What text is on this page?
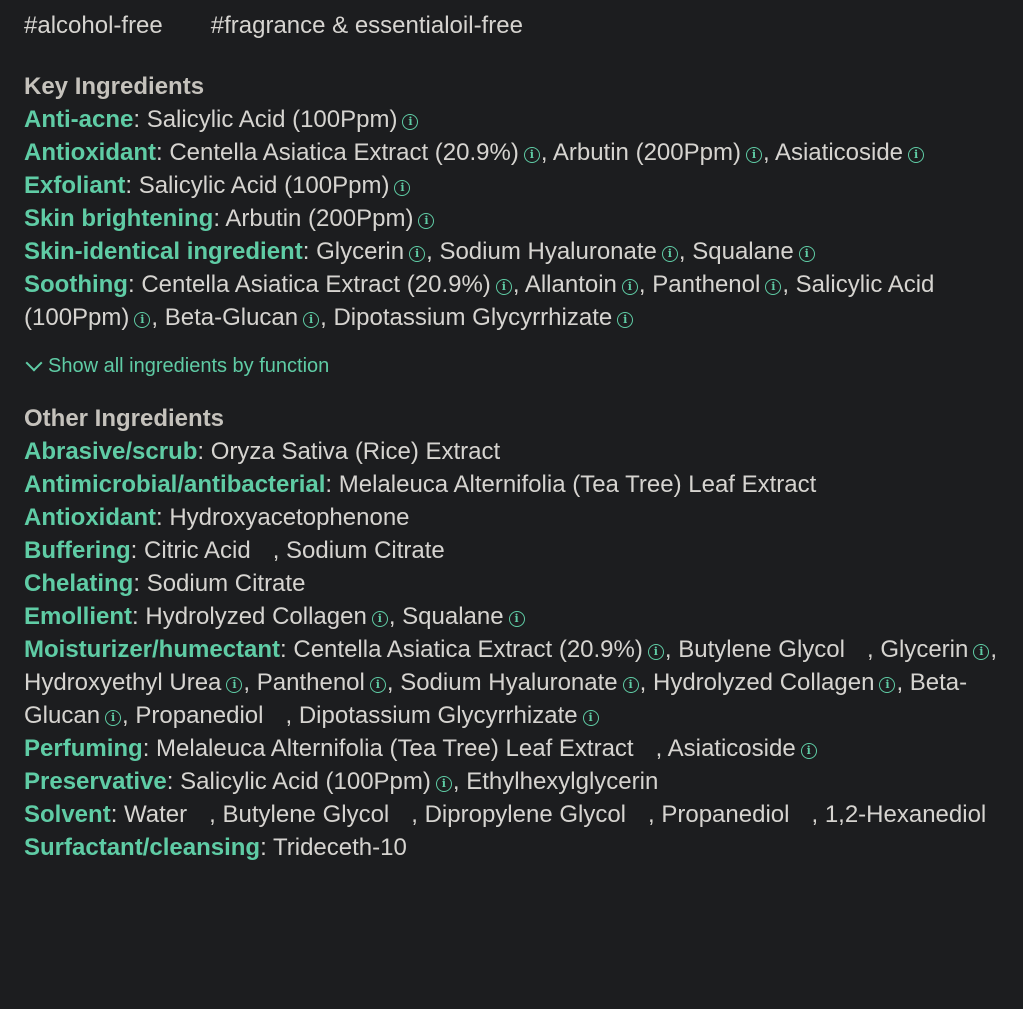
#alcohol-free #fragrance & essentialoil-free
Key Ingredients
Anti-acne: Salicylic Acid (100Ppm) i
Antioxidant: Centella Asiatica Extract (20.9%) i , Arbutin (200Ppm) i , Asiaticoside i
Exfoliant: Salicylic Acid (100Ppm) i
Skin brightening: Arbutin (200Ppm) i
Skin-identical ingredient: Glycerin i , Sodium Hyaluronate i , Squalane i
Soothing: Centella Asiatica Extract (20.9%) i , Allantoin i , Panthenol i , Salicylic Acid (100Ppm) i , Beta-Glucan i , Dipotassium Glycyrrhizate i
Show all ingredients by function
Other Ingredients
Abrasive/scrub: Oryza Sativa (Rice) Extract
Antimicrobial/antibacterial: Melaleuca Alternifolia (Tea Tree) Leaf Extract
Antioxidant: Hydroxyacetophenone
Buffering: Citric Acid , Sodium Citrate
Chelating: Sodium Citrate
Emollient: Hydrolyzed Collagen i , Squalane i
Moisturizer/humectant: Centella Asiatica Extract (20.9%) i , Butylene Glycol , Glycerin i , Hydroxyethyl Urea i , Panthenol i , Sodium Hyaluronate i , Hydrolyzed Collagen i , Beta-Glucan i , Propanediol , Dipotassium Glycyrrhizate i
Perfuming: Melaleuca Alternifolia (Tea Tree) Leaf Extract , Asiaticoside i
Preservative: Salicylic Acid (100Ppm) i , Ethylhexylglycerin
Solvent: Water , Butylene Glycol , Dipropylene Glycol , Propanediol , 1,2-Hexanediol
Surfactant/cleansing: Trideceth-10
